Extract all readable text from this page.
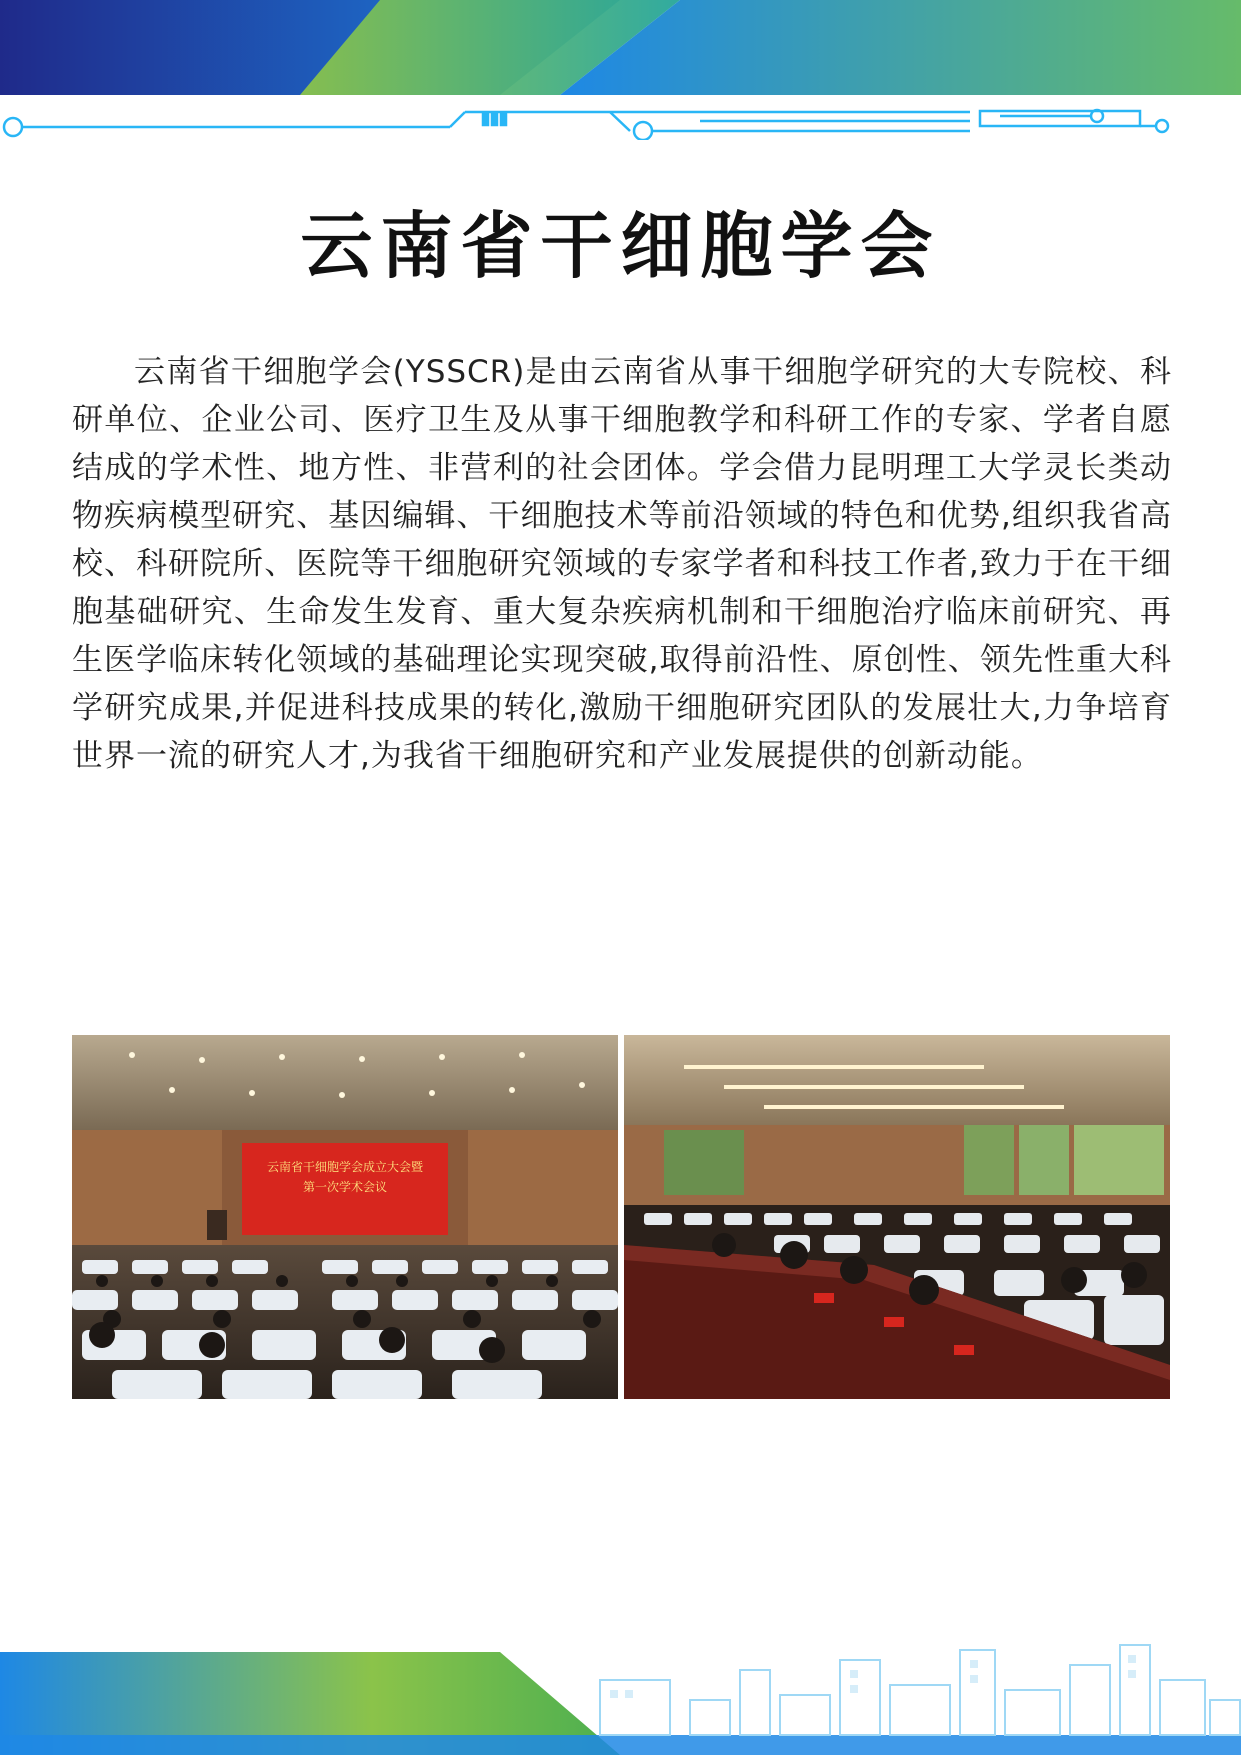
云南省干细胞学会

云南省干细胞学会(YSSCR)是由云南省从事干细胞学研究的大专院校、科研单位、企业公司、医疗卫生及从事干细胞教学和科研工作的专家、学者自愿结成的学术性、地方性、非营利的社会团体。学会借力昆明理工大学灵长类动物疾病模型研究、基因编辑、干细胞技术等前沿领域的特色和优势,组织我省高校、科研院所、医院等干细胞研究领域的专家学者和科技工作者,致力于在干细胞基础研究、生命发生发育、重大复杂疾病机制和干细胞治疗临床前研究、再生医学临床转化领域的基础理论实现突破,取得前沿性、原创性、领先性重大科学研究成果,并促进科技成果的转化,激励干细胞研究团队的发展壮大,力争培育世界一流的研究人才,为我省干细胞研究和产业发展提供的创新动能。

云南省干细胞学会成立大会暨
第一次学术会议
